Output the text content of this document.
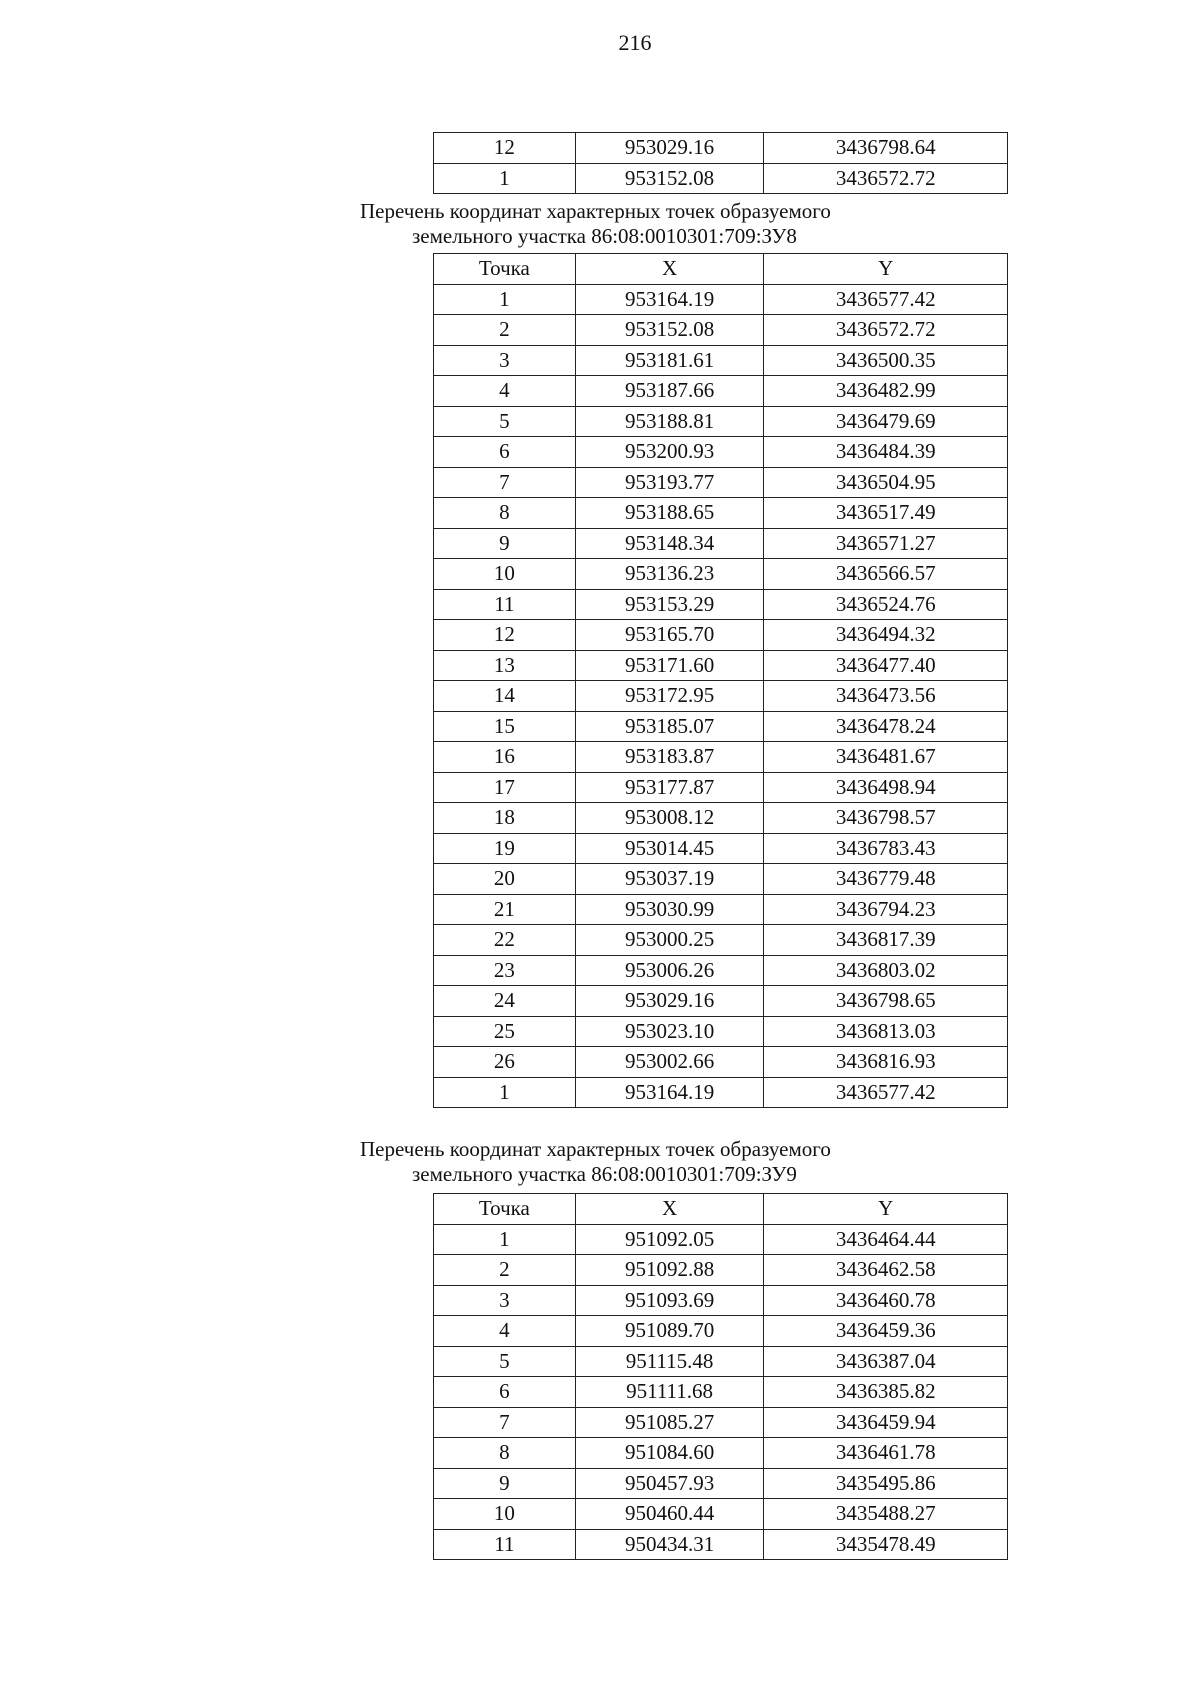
216
12	953029.16	3436798.64
1	953152.08	3436572.72
Перечень координат характерных точек образуемого
земельного участка 86:08:0010301:709:ЗУ8
Точка	X	Y
1	953164.19	3436577.42
2	953152.08	3436572.72
3	953181.61	3436500.35
4	953187.66	3436482.99
5	953188.81	3436479.69
6	953200.93	3436484.39
7	953193.77	3436504.95
8	953188.65	3436517.49
9	953148.34	3436571.27
10	953136.23	3436566.57
11	953153.29	3436524.76
12	953165.70	3436494.32
13	953171.60	3436477.40
14	953172.95	3436473.56
15	953185.07	3436478.24
16	953183.87	3436481.67
17	953177.87	3436498.94
18	953008.12	3436798.57
19	953014.45	3436783.43
20	953037.19	3436779.48
21	953030.99	3436794.23
22	953000.25	3436817.39
23	953006.26	3436803.02
24	953029.16	3436798.65
25	953023.10	3436813.03
26	953002.66	3436816.93
1	953164.19	3436577.42
Перечень координат характерных точек образуемого
земельного участка 86:08:0010301:709:ЗУ9
Точка	X	Y
1	951092.05	3436464.44
2	951092.88	3436462.58
3	951093.69	3436460.78
4	951089.70	3436459.36
5	951115.48	3436387.04
6	951111.68	3436385.82
7	951085.27	3436459.94
8	951084.60	3436461.78
9	950457.93	3435495.86
10	950460.44	3435488.27
11	950434.31	3435478.49
